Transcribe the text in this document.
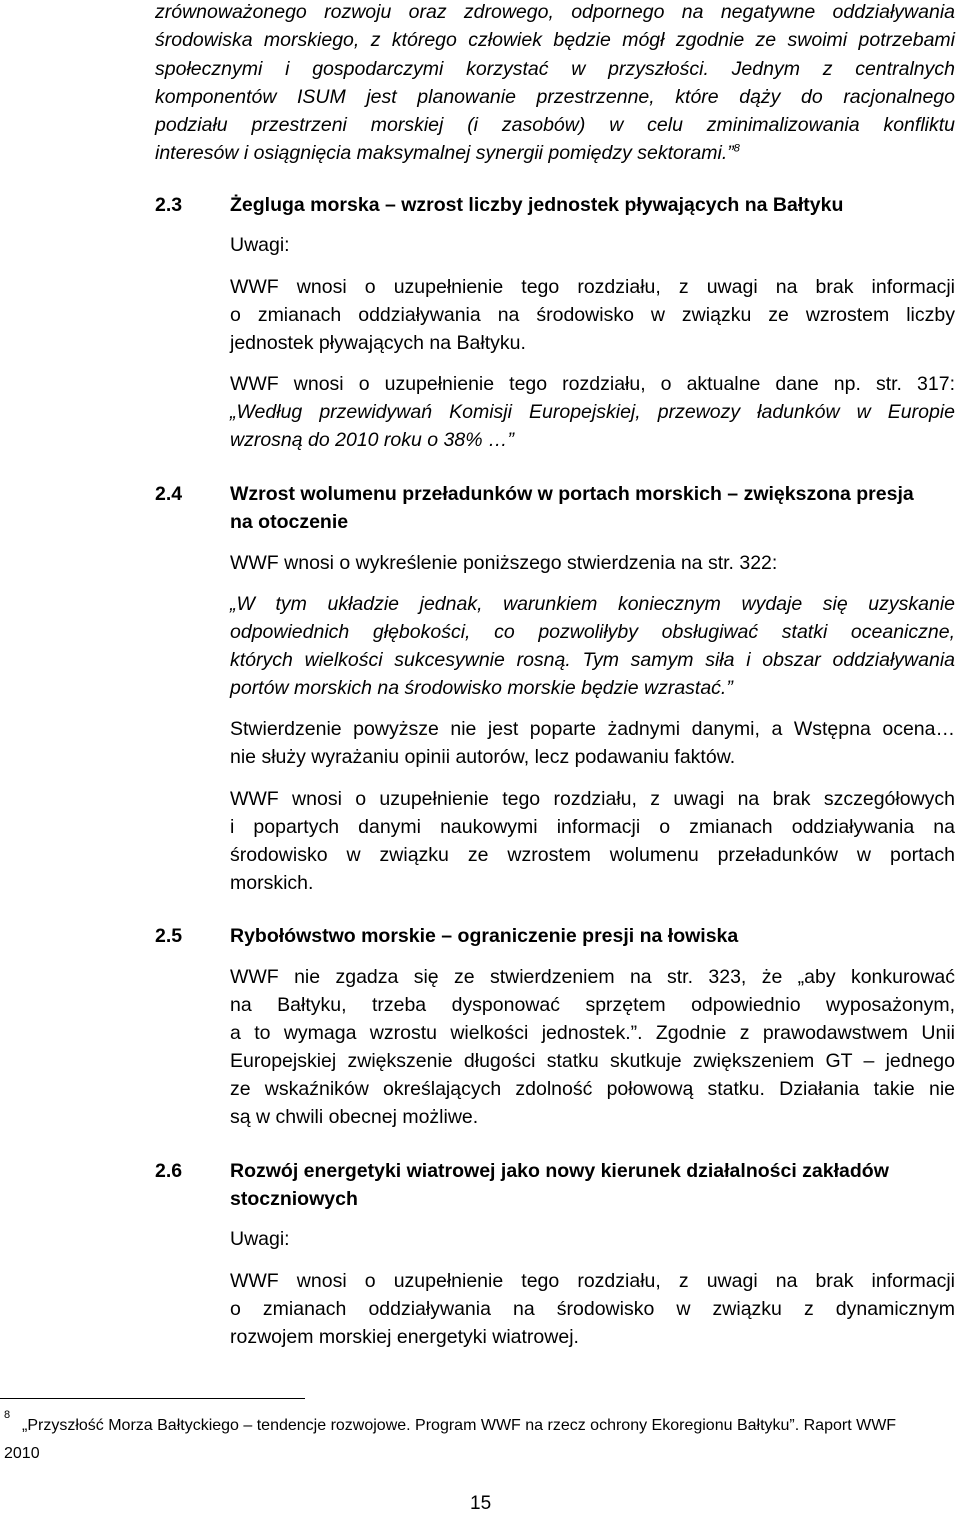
zrównoważonego rozwoju oraz zdrowego, odpornego na negatywne oddziaływania
środowiska morskiego, z którego człowiek będzie mógł zgodnie ze swoimi potrzebami
społecznymi i gospodarczymi korzystać w przyszłości. Jednym z centralnych
komponentów ISUM jest planowanie przestrzenne, które dąży do racjonalnego
podziału przestrzeni morskiej (i zasobów) w celu zminimalizowania konfliktu
interesów i osiągnięcia maksymalnej synergii pomiędzy sektorami.”$^8$
2.3 Żegluga morska – wzrost liczby jednostek pływających na Bałtyku
Uwagi:
WWF wnosi o uzupełnienie tego rozdziału, z uwagi na brak informacji
o zmianach oddziaływania na środowisko w związku ze wzrostem liczby
jednostek pływających na Bałtyku.
WWF wnosi o uzupełnienie tego rozdziału, o aktualne dane np. str. 317:
„Według przewidywań Komisji Europejskiej, przewozy ładunków w Europie
wzrosną do 2010 roku o 38% …”
2.4 Wzrost wolumenu przeładunków w portach morskich – zwiększona presja
na otoczenie
WWF wnosi o wykreślenie poniższego stwierdzenia na str. 322:
„W tym układzie jednak, warunkiem koniecznym wydaje się uzyskanie
odpowiednich głębokości, co pozwoliłyby obsługiwać statki oceaniczne,
których wielkości sukcesywnie rosną. Tym samym siła i obszar oddziaływania
portów morskich na środowisko morskie będzie wzrastać.”
Stwierdzenie powyższe nie jest poparte żadnymi danymi, a Wstępna ocena…
nie służy wyrażaniu opinii autorów, lecz podawaniu faktów.
WWF wnosi o uzupełnienie tego rozdziału, z uwagi na brak szczegółowych
i popartych danymi naukowymi informacji o zmianach oddziaływania na
środowisko w związku ze wzrostem wolumenu przeładunków w portach
morskich.
2.5 Rybołówstwo morskie – ograniczenie presji na łowiska
WWF nie zgadza się ze stwierdzeniem na str. 323, że „aby konkurować
na Bałtyku, trzeba dysponować sprzętem odpowiednio wyposażonym,
a to wymaga wzrostu wielkości jednostek.”. Zgodnie z prawodawstwem Unii
Europejskiej zwiększenie długości statku skutkuje zwiększeniem GT – jednego
ze wskaźników określających zdolność połowową statku. Działania takie nie
są w chwili obecnej możliwe.
2.6 Rozwój energetyki wiatrowej jako nowy kierunek działalności zakładów
stoczniowych
Uwagi:
WWF wnosi o uzupełnienie tego rozdziału, z uwagi na brak informacji
o zmianach oddziaływania na środowisko w związku z dynamicznym
rozwojem morskiej energetyki wiatrowej.
8
„Przyszłość Morza Bałtyckiego – tendencje rozwojowe. Program WWF na rzecz ochrony Ekoregionu Bałtyku”. Raport WWF
2010
15
